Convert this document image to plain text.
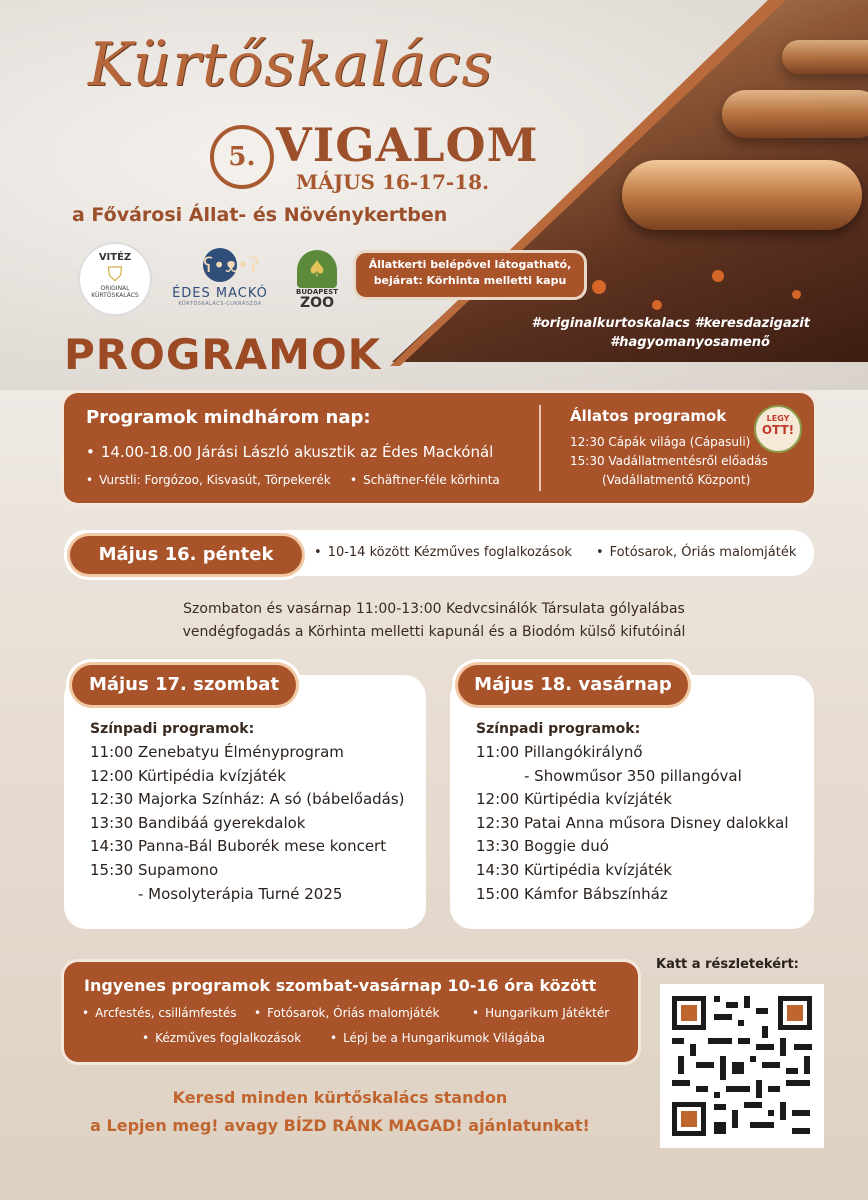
Kürtőskalács
5. VIGALOM
MÁJUS 16-17-18.
a Fővárosi Állat- és Növénykertben
VITÉZ
⛉
ORIGINAL KÜRTŐSKALÁCS
ʕ•ᴥ•ʔ
ÉDES MACKÓ
KÜRTŐSKALÁCS-CUKRÁSZDA
♠
BUDAPEST
ZOO
Állatkerti belépővel látogatható,
bejárat: Körhinta melletti kapu
#originalkurtoskalacs #keresdazigazit
#hagyomanyosamenő
PROGRAMOK
Programok mindhárom nap:
• 14.00-18.00 Járási László akusztik az Édes Mackónál
• Vurstli: Forgózoo, Kisvasút, Törpekerék	• Schäftner-féle körhinta
Állatos programok
12:30 Cápák világa (Cápasuli)
15:30 Vadállatmentésről előadás
(Vadállatmentő Központ)
LEGY
OTT!
• 10-14 között Kézműves foglalkozások	• Fotósarok, Óriás malomjáték
Május 16. péntek
Szombaton és vasárnap 11:00-13:00 Kedvcsinálók Társulata gólyalábas
vendégfogadás a Körhinta melletti kapunál és a Biodóm külső kifutóinál
Színpadi programok:
11:00 Zenebatyu Élményprogram
12:00 Kürtipédia kvízjáték
12:30 Majorka Színház: A só (bábelőadás)
13:30 Bandibáá gyerekdalok
14:30 Panna-Bál Buborék mese koncert
15:30 Supamono
- Mosolyterápia Turné 2025
Május 17. szombat
Színpadi programok:
11:00 Pillangókirálynő
- Showműsor 350 pillangóval
12:00 Kürtipédia kvízjáték
12:30 Patai Anna műsora Disney dalokkal
13:30 Boggie duó
14:30 Kürtipédia kvízjáték
15:00 Kámfor Bábszínház
Május 18. vasárnap
Ingyenes programok szombat-vasárnap 10-16 óra között
• Arcfestés, csillámfestés	• Fotósarok, Óriás malomjáték	• Hungarikum Játéktér
• Kézműves foglalkozások	• Lépj be a Hungarikumok Világába
Katt a részletekért:
Keresd minden kürtőskalács standon
a Lepjen meg! avagy BÍZD RÁNK MAGAD! ajánlatunkat!
